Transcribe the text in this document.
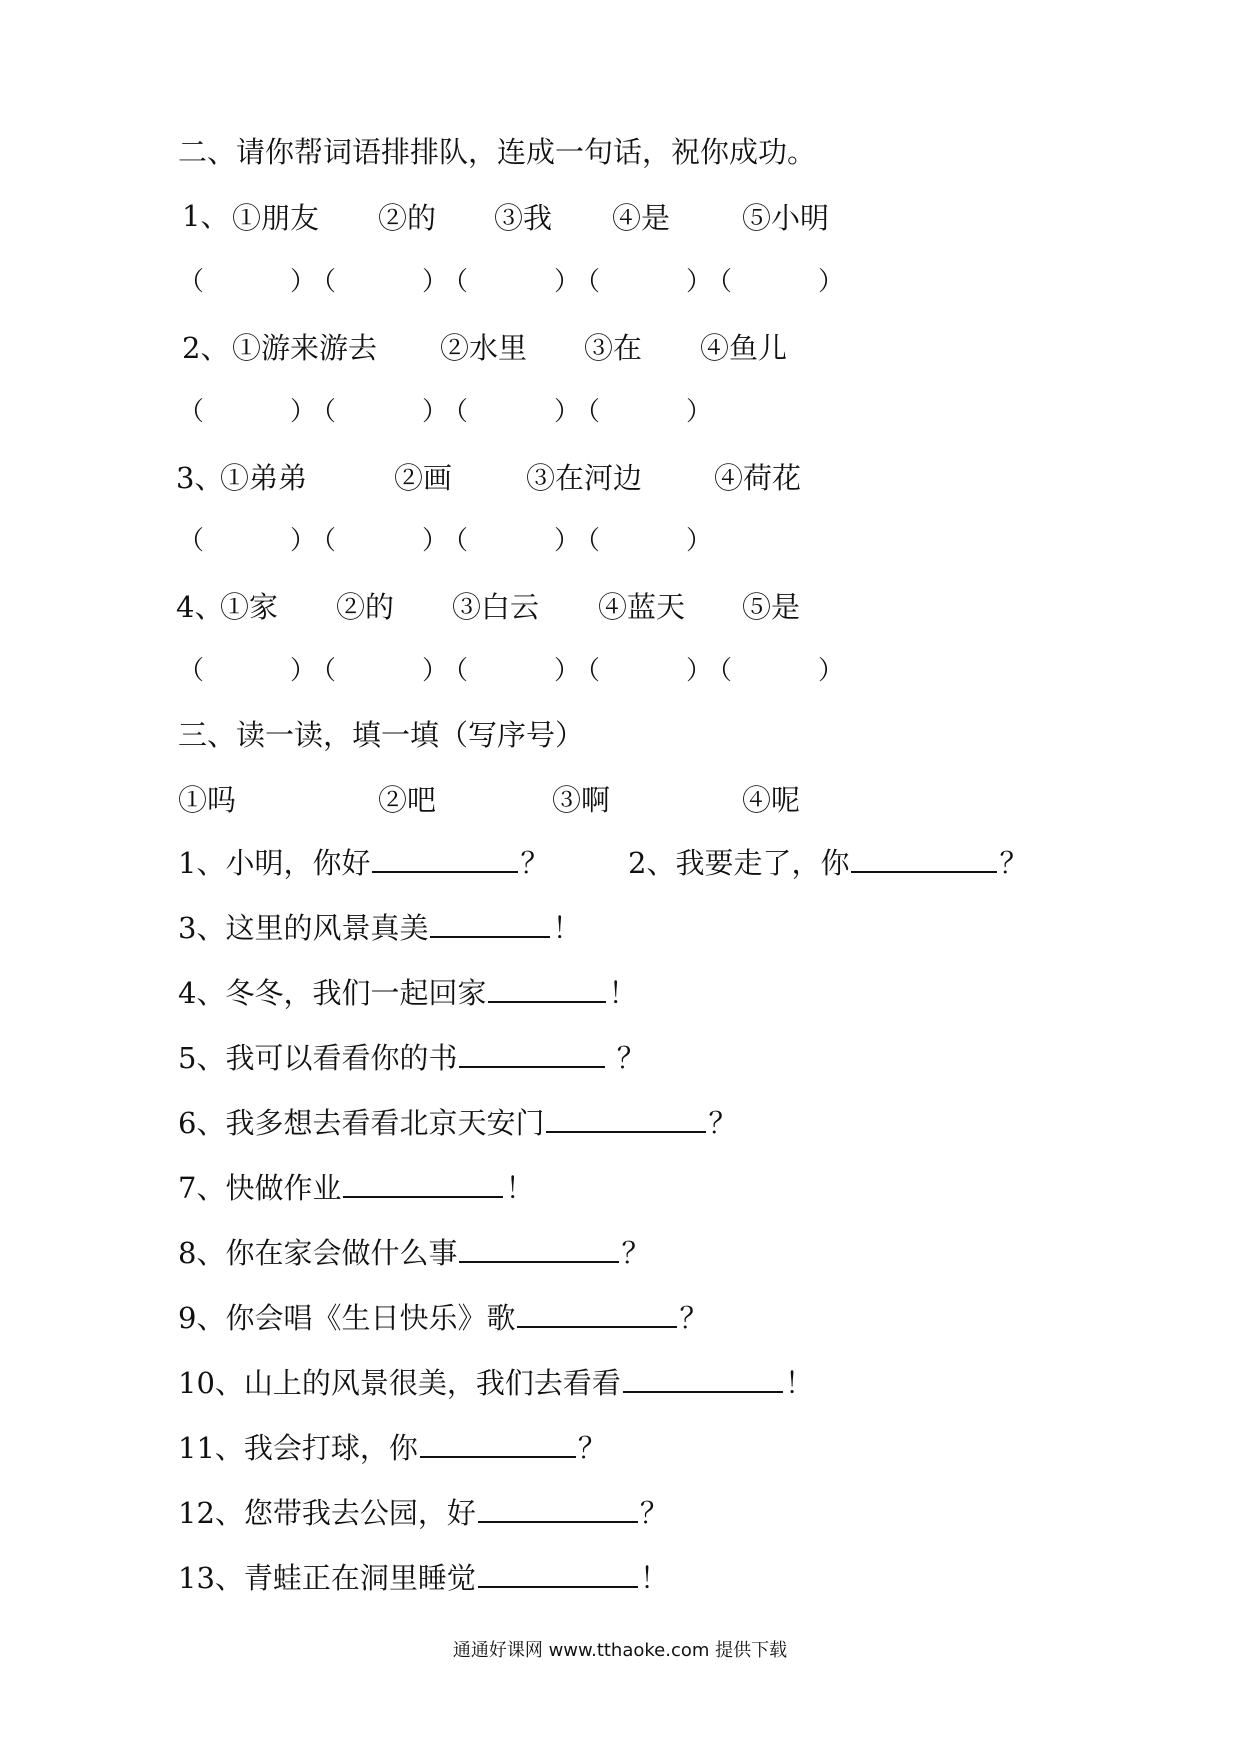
二、请你帮词语排排队，连成一句话，祝你成功。
1、 ①朋友 ②的 ③我 ④是 ⑤小明
（	）
（	）
（	）
（	）
（	）
2、 ①游来游去 ②水里 ③在 ④鱼儿
（	）
（	）
（	）
（	）
3、
①弟弟	②画	③在河边 ④荷花
（	）
（	）
（	）
（	）
4、
①家 ②的 ③白云 ④蓝天 ⑤是
（	）
（	）
（	）
（	）
（	）
三、读一读，填一填（写序号）
①吗	②吧	③啊	④呢
1、小明，你好	？	2、我要走了，你	？
3、这里的风景真美	！
4、冬冬，我们一起回家	！
5、我可以看看你的书	？
6、我多想去看看北京天安门	？
7、快做作业	！
8、你在家会做什么事	？
9、你会唱《生日快乐》歌	？
10、山上的风景很美，我们去看看	！
11、我会打球，你	？
12、您带我去公园，好	？
13、青蛙正在洞里睡觉	！
通通好课网 www.tthaoke.com 提供下载
